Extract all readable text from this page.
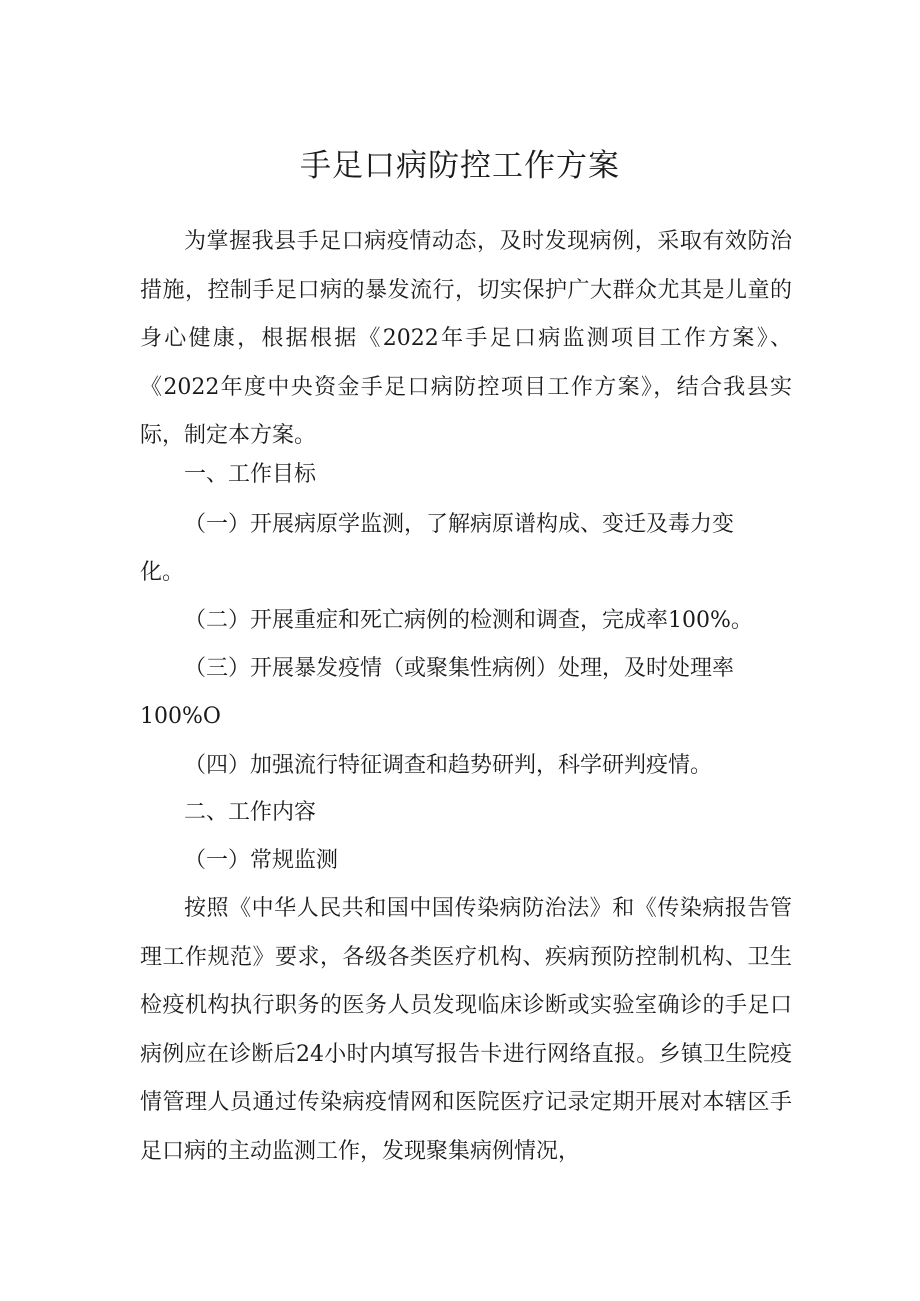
手足口病防控工作方案
为掌握我县手足口病疫情动态，及时发现病例，采取有效防治措施，控制手足口病的暴发流行，切实保护广大群众尤其是儿童的身心健康，根据根据《2022年手足口病监测项目工作方案》、《2022年度中央资金手足口病防控项目工作方案》，结合我县实际，制定本方案。
一、工作目标
（一）开展病原学监测，了解病原谱构成、变迁及毒力变
化。
（二）开展重症和死亡病例的检测和调查，完成率100%。
（三）开展暴发疫情（或聚集性病例）处理，及时处理率
100%O
（四）加强流行特征调查和趋势研判，科学研判疫情。
二、工作内容
（一）常规监测
按照《中华人民共和国中国传染病防治法》和《传染病报告管理工作规范》要求，各级各类医疗机构、疾病预防控制机构、卫生检疫机构执行职务的医务人员发现临床诊断或实验室确诊的手足口病例应在诊断后24小时内填写报告卡进行网络直报。乡镇卫生院疫情管理人员通过传染病疫情网和医院医疗记录定期开展对本辖区手足口病的主动监测工作，发现聚集病例情况，
